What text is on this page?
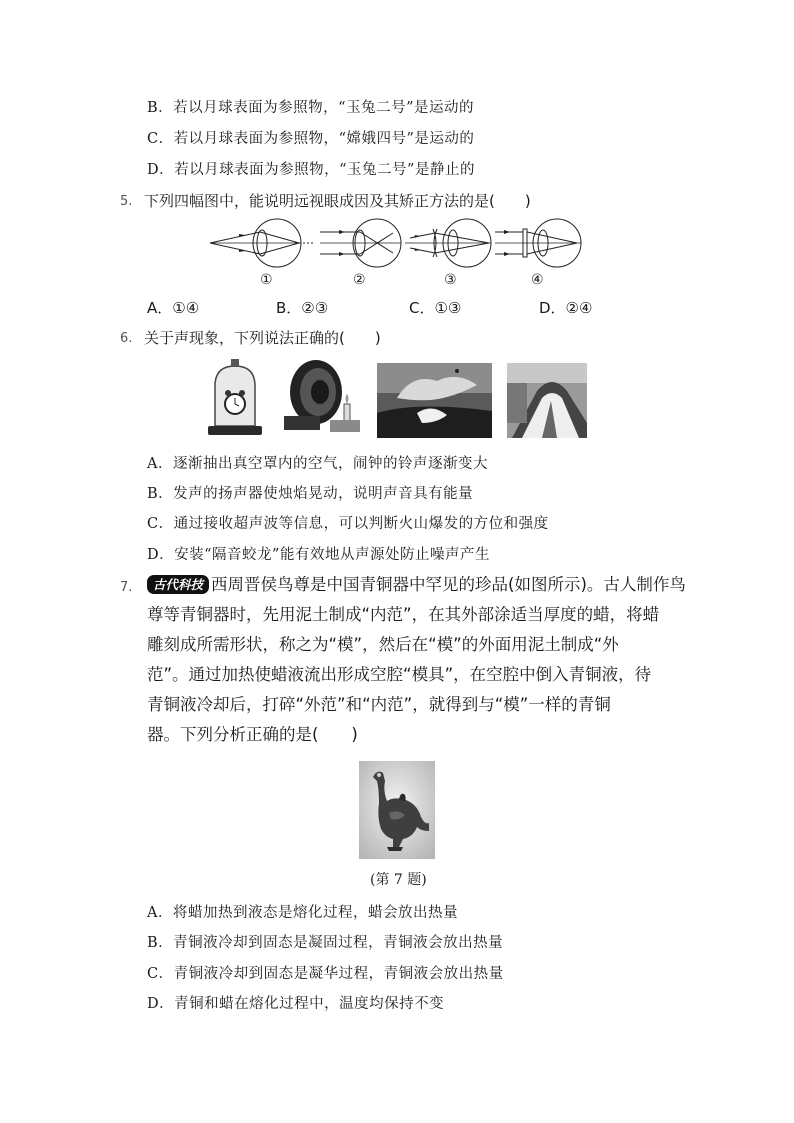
B．若以月球表面为参照物，“玉兔二号”是运动的
C．若以月球表面为参照物，“嫦娥四号”是运动的
D．若以月球表面为参照物，“玉兔二号”是静止的
5. 下列四幅图中，能说明远视眼成因及其矫正方法的是(　　)
①	②	③	④
A．①④	B．②③	C．①③	D．②④
6. 关于声现象，下列说法正确的(　　)
A．逐渐抽出真空罩内的空气，闹钟的铃声逐渐变大
B．发声的扬声器使烛焰晃动，说明声音具有能量
C．通过接收超声波等信息，可以判断火山爆发的方位和强度
D．安装“隔音蛟龙”能有效地从声源处防止噪声产生
7.	古代科技 西周晋侯鸟尊是中国青铜器中罕见的珍品(如图所示)。古人制作鸟
尊等青铜器时，先用泥土制成“内范”，在其外部涂适当厚度的蜡，将蜡
雕刻成所需形状，称之为“模”，然后在“模”的外面用泥土制成“外
范”。通过加热使蜡液流出形成空腔“模具”，在空腔中倒入青铜液，待
青铜液冷却后，打碎“外范”和“内范”，就得到与“模”一样的青铜
器。下列分析正确的是(　　)
(第 7 题)
A．将蜡加热到液态是熔化过程，蜡会放出热量
B．青铜液冷却到固态是凝固过程，青铜液会放出热量
C．青铜液冷却到固态是凝华过程，青铜液会放出热量
D．青铜和蜡在熔化过程中，温度均保持不变
